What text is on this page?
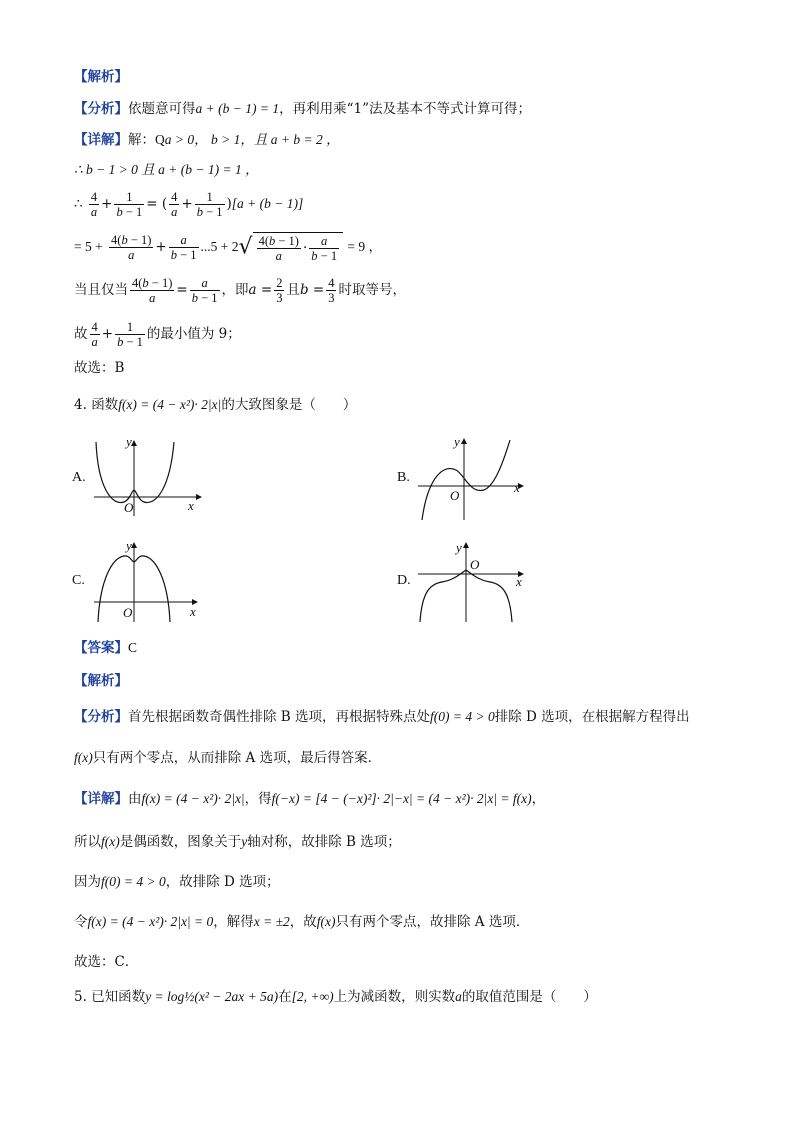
【解析】
【分析】依题意可得a + (b − 1) = 1，再利用乘“1”法及基本不等式计算可得；
【详解】解：Qa > 0， b > 1，且 a + b = 2 ，
∴ b − 1 > 0 且 a + (b − 1) = 1 ，
∴ $\frac{4}{a} + \frac{1}{b - 1}$ = ( $\frac{4}{a} + \frac{1}{b - 1} )[a + (b - 1)]$
= $5 + \frac{4(b - 1)}{a} + \frac{a}{b - 1} ...5 + 2√ \frac{4(b - 1)}{a} \cdot \frac{a}{b - 1} = 9$ ，
当且仅当 $\frac{4(b - 1)}{a} = \frac{a}{b - 1}$ ，即$a = \frac{2}{3}$ 且$b = \frac{4}{3}$ 时取等号，
故 $\frac{4}{a} + \frac{1}{b - 1}$ 的最小值为 9；
故选：B
4. 函数f(x) = (4 − x²)· 2|x|的大致图象是（　　）
A.	B.
C.	D.
y
x
O
y
x
O
y
x
O
y
x
O
【答案】C
【解析】
【分析】首先根据函数奇偶性排除 B 选项，再根据特殊点处f(0) = 4 > 0排除 D 选项，在根据解方程得出
f(x)只有两个零点，从而排除 A 选项，最后得答案．
【详解】由f(x) = (4 − x²)· 2|x|，得f(−x) = [4 − (−x)²]· 2|−x| = (4 − x²)· 2|x| = f(x)，
所以f(x)是偶函数，图象关于y轴对称，故排除 B 选项；
因为f(0) = 4 > 0，故排除 D 选项；
令f(x) = (4 − x²)· 2|x| = 0，解得x = ±2，故f(x)只有两个零点，故排除 A 选项．
故选：C．
5. 已知函数y = log½(x² − 2ax + 5a)在[2, +∞)上为减函数，则实数a的取值范围是（　　）
